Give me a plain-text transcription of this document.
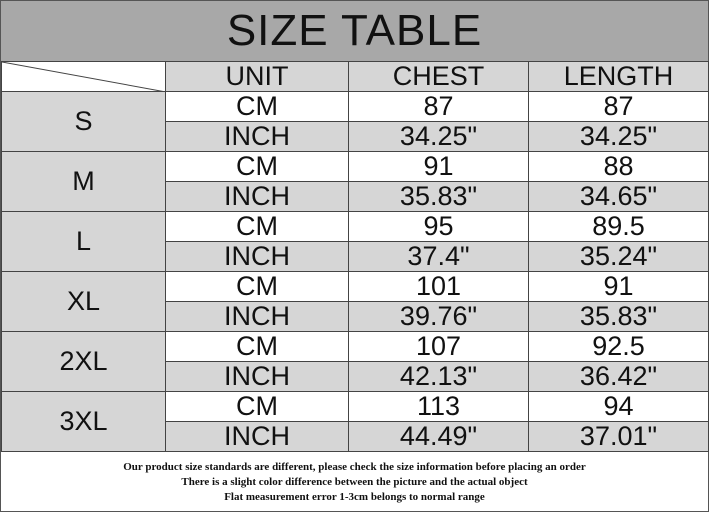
SIZE TABLE
	UNIT	CHEST	LENGTH
S	CM	87	87
	INCH	34.25"	34.25"
M	CM	91	88
	INCH	35.83"	34.65"
L	CM	95	89.5
	INCH	37.4"	35.24"
XL	CM	101	91
	INCH	39.76"	35.83"
2XL	CM	107	92.5
	INCH	42.13"	36.42"
3XL	CM	113	94
	INCH	44.49"	37.01"
Our product size standards are different, please check the size information before placing an order
There is a slight color difference between the picture and the actual object
Flat measurement error 1-3cm belongs to normal range
